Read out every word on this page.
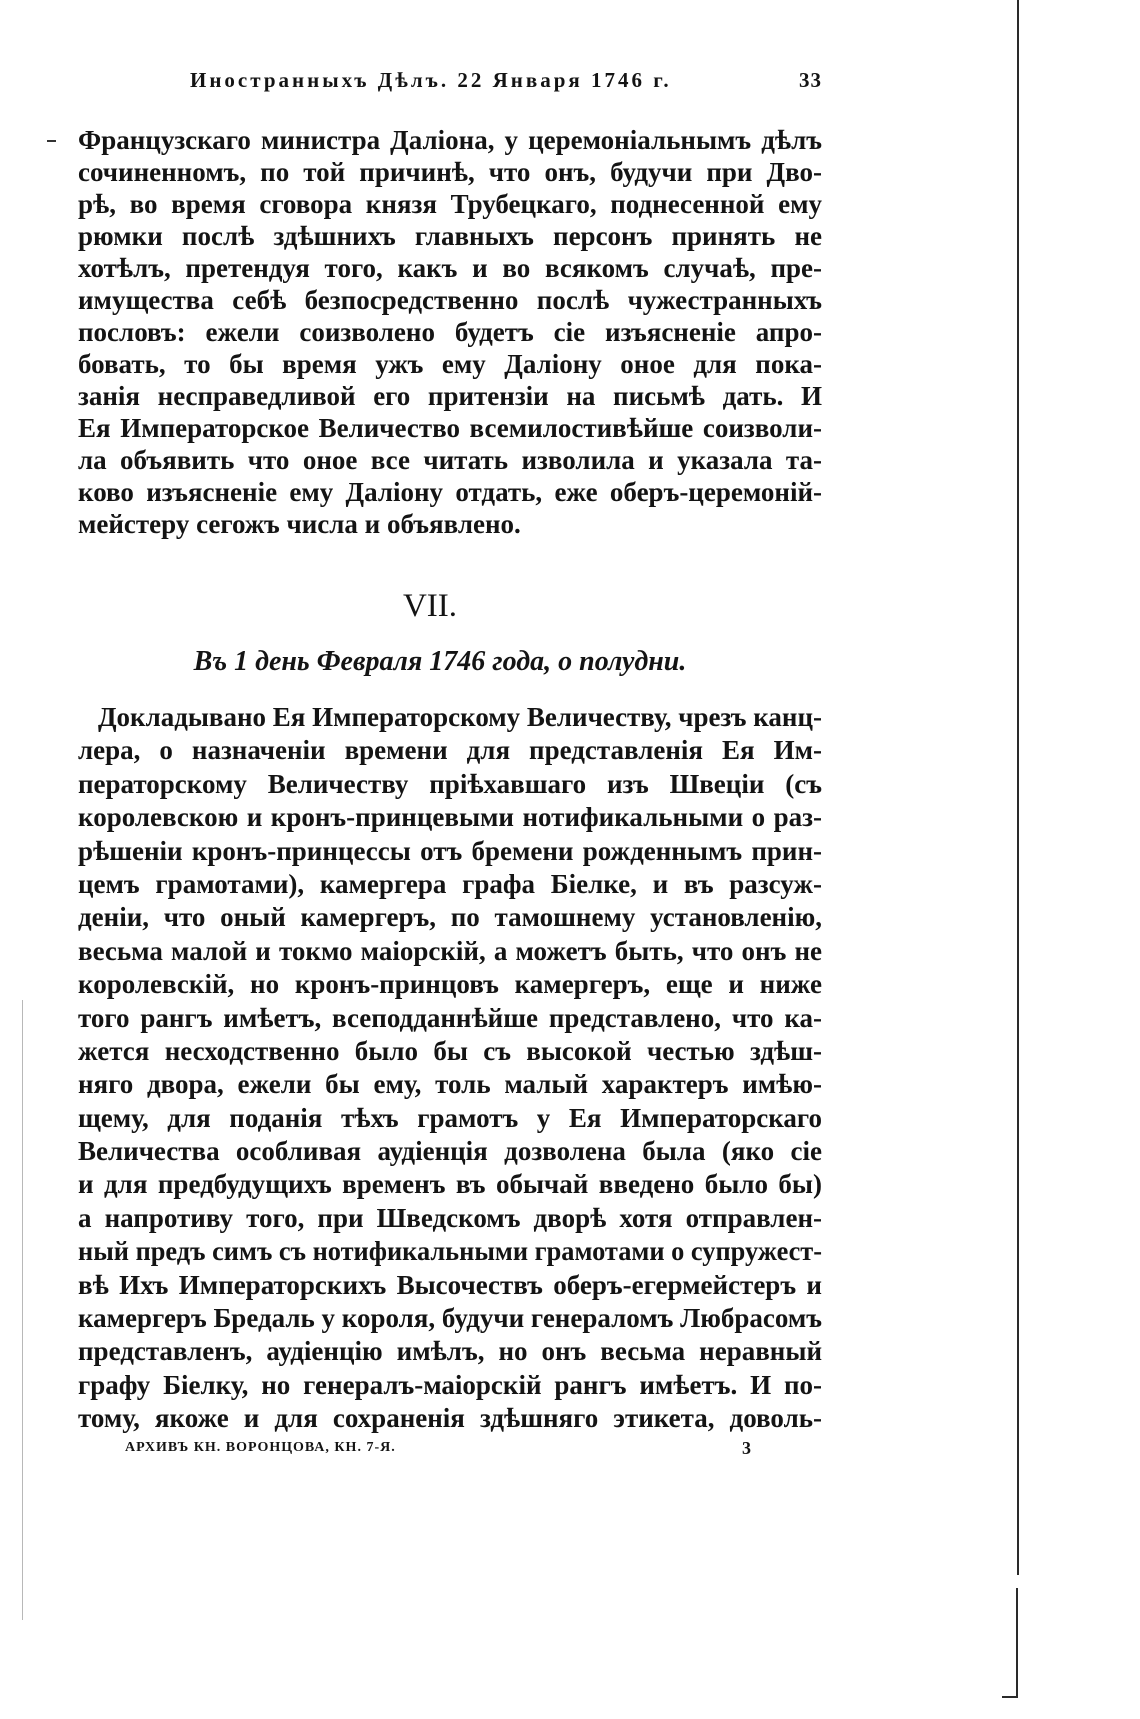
Иностранныхъ Дѣлъ. 22 Января 1746 г.	33
Французскаго министра Даліона, у церемоніальнымъ дѣлъ
сочиненномъ, по той причинѣ, что онъ, будучи при Дво-
рѣ, во время сговора князя Трубецкаго, поднесенной ему
рюмки послѣ здѣшнихъ главныхъ персонъ принять не
хотѣлъ, претендуя того, какъ и во всякомъ случаѣ, пре-
имущества себѣ безпосредственно послѣ чужестранныхъ
пословъ: ежели соизволено будетъ сіе изъясненіе апро-
бовать, то бы время ужъ ему Даліону оное для пока-
занія несправедливой его притензіи на письмѣ дать. И
Ея Императорское Величество всемилостивѣйше соизволи-
ла объявить что оное все читать изволила и указала та-
ково изъясненіе ему Даліону отдать, еже оберъ-церемоній-
мейстеру сегожъ числа и объявлено.
VII.
Въ 1 день Февраля 1746 года, о полудни.
Докладывано Ея Императорскому Величеству, чрезъ канц-
лера, о назначеніи времени для представленія Ея Им-
ператорскому Величеству пріѣхавшаго изъ Швеціи (съ
королевскою и кронъ-принцевыми нотификальными о раз-
рѣшеніи кронъ-принцессы отъ бремени рожденнымъ прин-
цемъ грамотами), камергера графа Біелке, и въ разсуж-
деніи, что оный камергеръ, по тамошнему установленію,
весьма малой и токмо маіорскій, а можетъ быть, что онъ не
королевскій, но кронъ-принцовъ камергеръ, еще и ниже
того рангъ имѣетъ, всеподданнѣйше представлено, что ка-
жется несходственно было бы съ высокой честью здѣш-
няго двора, ежели бы ему, толь малый характеръ имѣю-
щему, для поданія тѣхъ грамотъ у Ея Императорскаго
Величества особливая аудіенція дозволена была (яко сіе
и для предбудущихъ временъ въ обычай введено было бы)
а напротиву того, при Шведскомъ дворѣ хотя отправлен-
ный предъ симъ съ нотификальными грамотами о супружест-
вѣ Ихъ Императорскихъ Высочествъ оберъ-егермейстеръ и
камергеръ Бредаль у короля, будучи генераломъ Любрасомъ
представленъ, аудіенцію имѣлъ, но онъ весьма неравный
графу Біелку, но генералъ-маіорскій рангъ имѣетъ. И по-
тому, якоже и для сохраненія здѣшняго этикета, доволь-
АРХИВЪ КН. ВОРОНЦОВА, КН. 7-Я.	3
